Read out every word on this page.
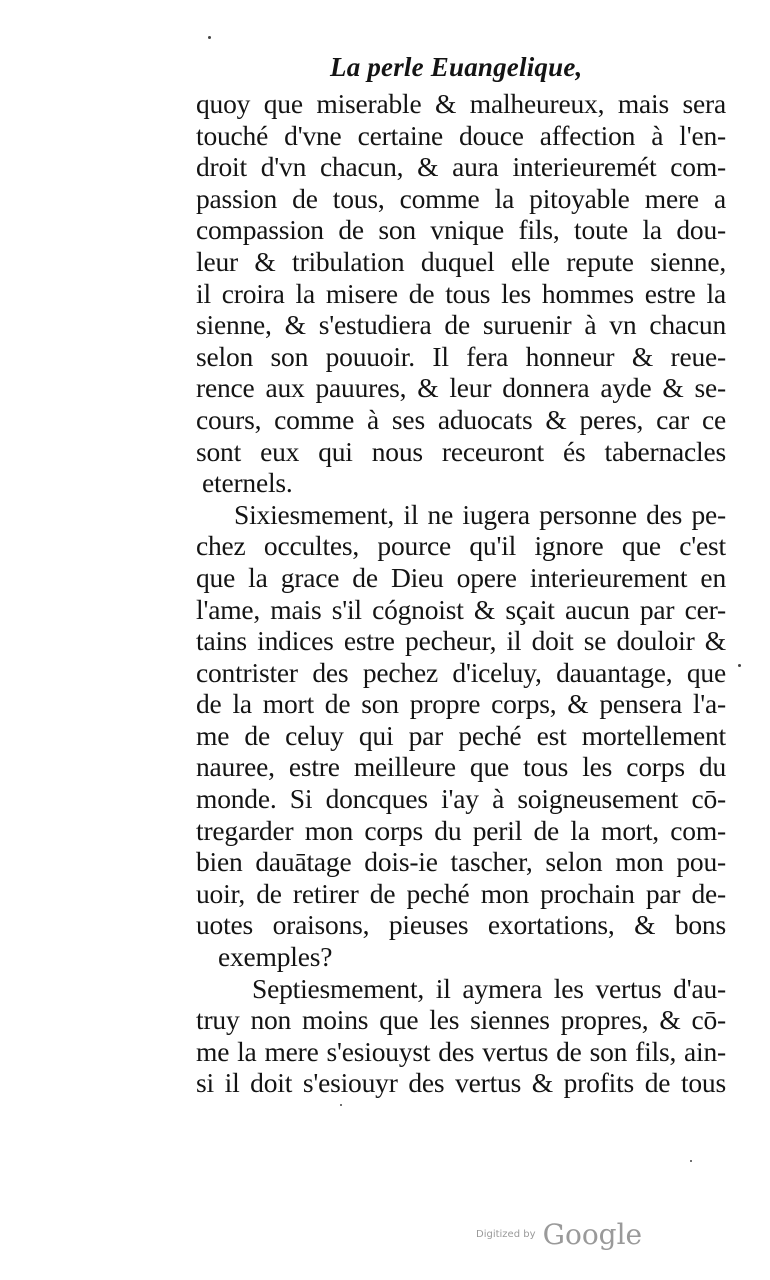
La perle Euangelique,
quoy que miserable & malheureux, mais sera
touché d'vne certaine douce affection à l'en-
droit d'vn chacun, & aura interieuremét com-
passion de tous, comme la pitoyable mere a
compassion de son vnique fils, toute la dou-
leur & tribulation duquel elle repute sienne,
il croira la misere de tous les hommes estre la
sienne, & s'estudiera de suruenir à vn chacun
selon son pouuoir. Il fera honneur & reue-
rence aux pauures, & leur donnera ayde & se-
cours, comme à ses aduocats & peres, car ce
sont eux qui nous receuront és tabernacles
eternels.
Sixiesmement, il ne iugera personne des pe-
chez occultes, pource qu'il ignore que c'est
que la grace de Dieu opere interieurement en
l'ame, mais s'il cógnoist & sçait aucun par cer-
tains indices estre pecheur, il doit se douloir &
contrister des pechez d'iceluy, dauantage, que
de la mort de son propre corps, & pensera l'a-
me de celuy qui par peché est mortellement
nauree, estre meilleure que tous les corps du
monde. Si doncques i'ay à soigneusement cō-
tregarder mon corps du peril de la mort, com-
bien dauātage dois-ie tascher, selon mon pou-
uoir, de retirer de peché mon prochain par de-
uotes oraisons, pieuses exortations, & bons
exemples?
Septiesmement, il aymera les vertus d'au-
truy non moins que les siennes propres, & cō-
me la mere s'esiouyst des vertus de son fils, ain-
si il doit s'esiouyr des vertus & profits de tous
Digitized by Google
